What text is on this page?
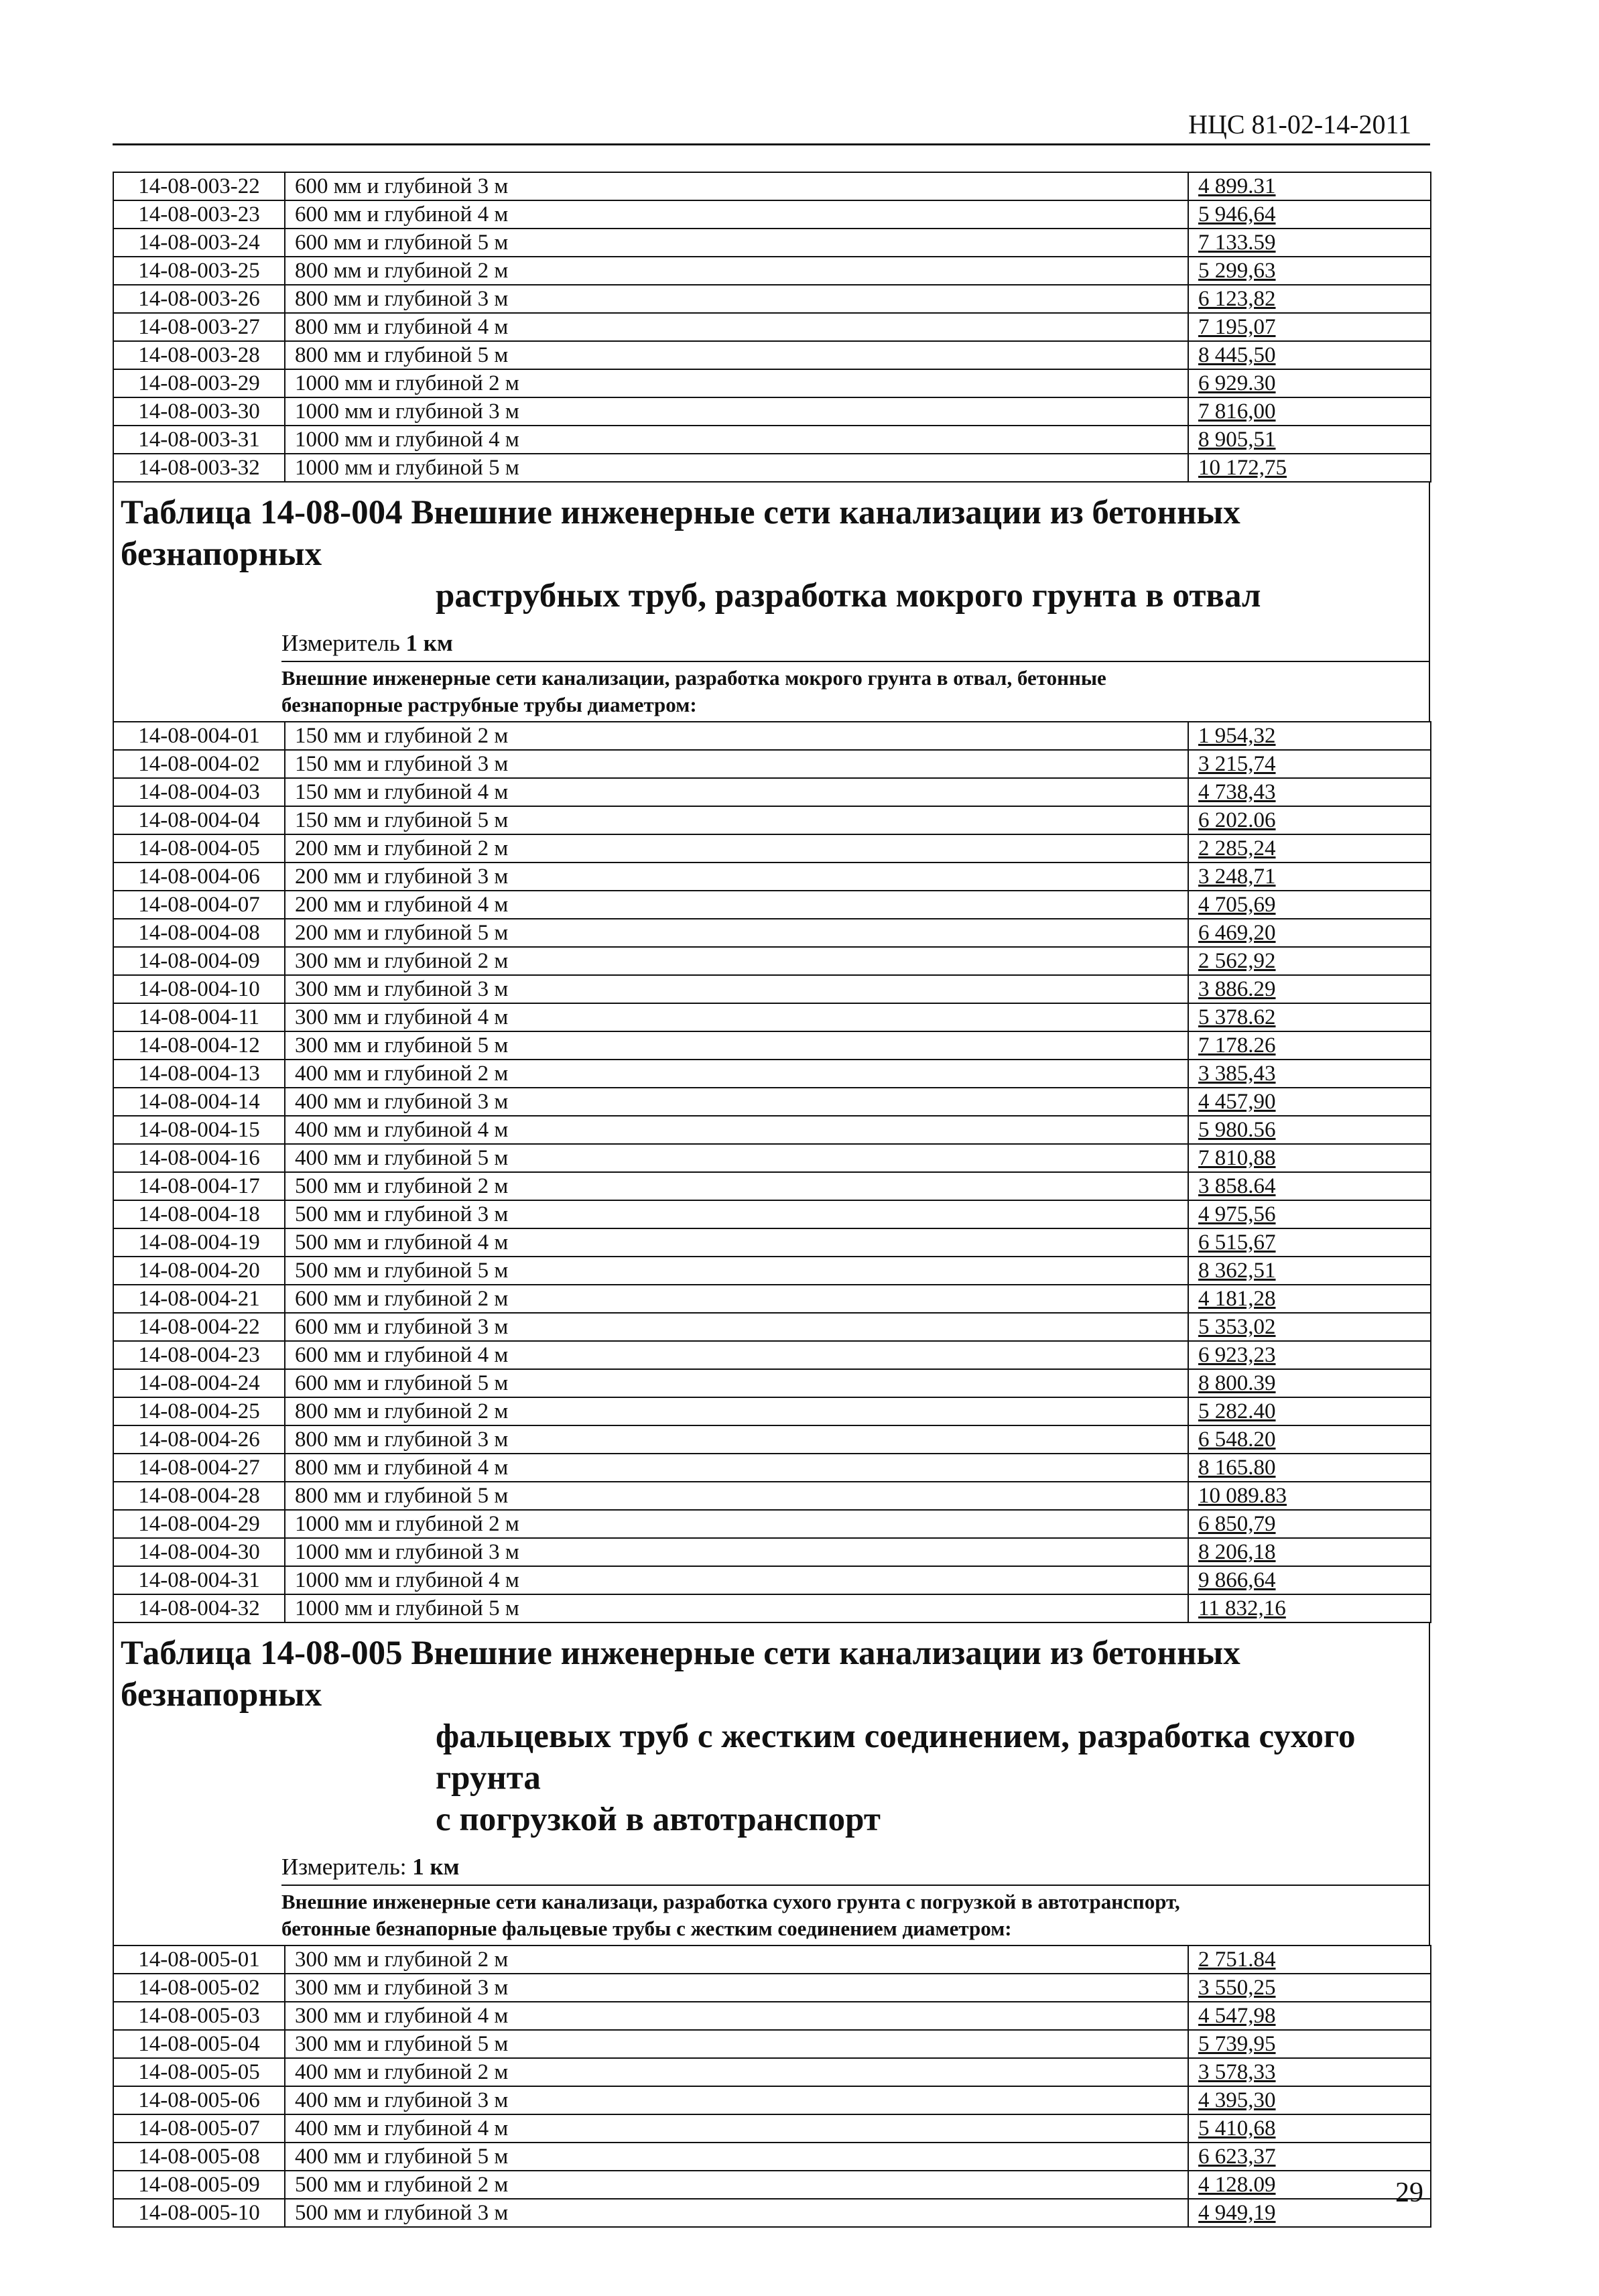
НЦС 81-02-14-2011
14-08-003-22	600 мм и глубиной 3 м	4 899.31
14-08-003-23	600 мм и глубиной 4 м	5 946,64
14-08-003-24	600 мм и глубиной 5 м	7 133.59
14-08-003-25	800 мм и глубиной 2 м	5 299,63
14-08-003-26	800 мм и глубиной 3 м	6 123,82
14-08-003-27	800 мм и глубиной 4 м	7 195,07
14-08-003-28	800 мм и глубиной 5 м	8 445,50
14-08-003-29	1000 мм и глубиной 2 м	6 929.30
14-08-003-30	1000 мм и глубиной 3 м	7 816,00
14-08-003-31	1000 мм и глубиной 4 м	8 905,51
14-08-003-32	1000 мм и глубиной 5 м	10 172,75
Таблица 14-08-004 Внешние инженерные сети канализации из бетонных безнапорных
раструбных труб, разработка мокрого грунта в отвал
Измеритель 1 км
Внешние инженерные сети канализации, разработка мокрого грунта в отвал, бетонные
безнапорные раструбные трубы диаметром:
14-08-004-01	150 мм и глубиной 2 м	1 954,32
14-08-004-02	150 мм и глубиной 3 м	3 215,74
14-08-004-03	150 мм и глубиной 4 м	4 738,43
14-08-004-04	150 мм и глубиной 5 м	6 202.06
14-08-004-05	200 мм и глубиной 2 м	2 285,24
14-08-004-06	200 мм и глубиной 3 м	3 248,71
14-08-004-07	200 мм и глубиной 4 м	4 705,69
14-08-004-08	200 мм и глубиной 5 м	6 469,20
14-08-004-09	300 мм и глубиной 2 м	2 562,92
14-08-004-10	300 мм и глубиной 3 м	3 886.29
14-08-004-11	300 мм и глубиной 4 м	5 378.62
14-08-004-12	300 мм и глубиной 5 м	7 178.26
14-08-004-13	400 мм и глубиной 2 м	3 385,43
14-08-004-14	400 мм и глубиной 3 м	4 457,90
14-08-004-15	400 мм и глубиной 4 м	5 980.56
14-08-004-16	400 мм и глубиной 5 м	7 810,88
14-08-004-17	500 мм и глубиной 2 м	3 858.64
14-08-004-18	500 мм и глубиной 3 м	4 975,56
14-08-004-19	500 мм и глубиной 4 м	6 515,67
14-08-004-20	500 мм и глубиной 5 м	8 362,51
14-08-004-21	600 мм и глубиной 2 м	4 181,28
14-08-004-22	600 мм и глубиной 3 м	5 353,02
14-08-004-23	600 мм и глубиной 4 м	6 923,23
14-08-004-24	600 мм и глубиной 5 м	8 800.39
14-08-004-25	800 мм и глубиной 2 м	5 282.40
14-08-004-26	800 мм и глубиной 3 м	6 548.20
14-08-004-27	800 мм и глубиной 4 м	8 165.80
14-08-004-28	800 мм и глубиной 5 м	10 089.83
14-08-004-29	1000 мм и глубиной 2 м	6 850,79
14-08-004-30	1000 мм и глубиной 3 м	8 206,18
14-08-004-31	1000 мм и глубиной 4 м	9 866,64
14-08-004-32	1000 мм и глубиной 5 м	11 832,16
Таблица 14-08-005 Внешние инженерные сети канализации из бетонных безнапорных
фальцевых труб с жестким соединением, разработка сухого грунта
с погрузкой в автотранспорт
Измеритель: 1 км
Внешние инженерные сети канализаци, разработка сухого грунта с погрузкой в автотранспорт,
бетонные безнапорные фальцевые трубы с жестким соединением диаметром:
14-08-005-01	300 мм и глубиной 2 м	2 751.84
14-08-005-02	300 мм и глубиной 3 м	3 550,25
14-08-005-03	300 мм и глубиной 4 м	4 547,98
14-08-005-04	300 мм и глубиной 5 м	5 739,95
14-08-005-05	400 мм и глубиной 2 м	3 578,33
14-08-005-06	400 мм и глубиной 3 м	4 395,30
14-08-005-07	400 мм и глубиной 4 м	5 410,68
14-08-005-08	400 мм и глубиной 5 м	6 623,37
14-08-005-09	500 мм и глубиной 2 м	4 128.09
14-08-005-10	500 мм и глубиной 3 м	4 949,19
29
